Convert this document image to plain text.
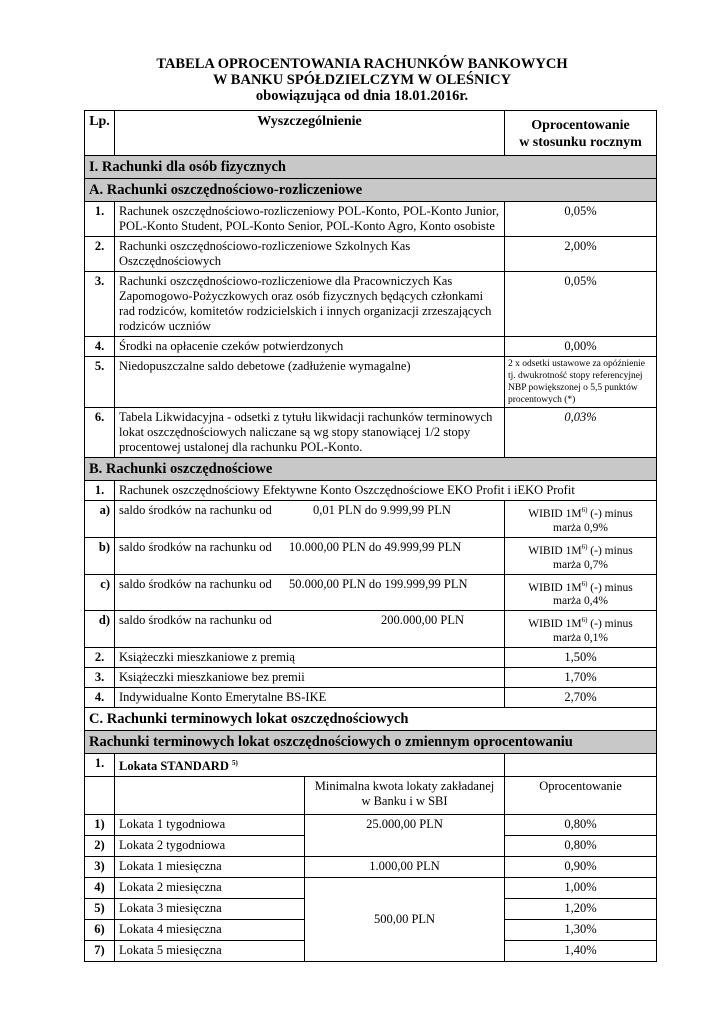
TABELA OPROCENTOWANIA RACHUNKÓW BANKOWYCH
W BANKU SPÓŁDZIELCZYM W OLEŚNICY
obowiązująca od dnia 18.01.2016r.
Lp.	Wyszczególnienie		Oprocentowanie
w stosunku rocznym

I. Rachunki dla osób fizycznych			
A. Rachunki oszczędnościowo-rozliczeniowe			
1.	Rachunek oszczędnościowo-rozliczeniowy POL-Konto, POL-Konto Junior, POL-Konto Student, POL-Konto Senior, POL-Konto Agro, Konto osobiste		0,05%
2.	Rachunki oszczędnościowo-rozliczeniowe Szkolnych Kas Oszczędnościowych		2,00%
3.	Rachunki oszczędnościowo-rozliczeniowe dla Pracowniczych Kas Zapomogowo-Pożyczkowych oraz osób fizycznych będących członkami rad rodziców, komitetów rodzicielskich i innych organizacji zrzeszających rodziców uczniów		0,05%
4.	Środki na opłacenie czeków potwierdzonych		0,00%
5.	Niedopuszczalne saldo debetowe (zadłużenie wymagalne)		2 x odsetki ustawowe za opóźnienie tj. dwukrotność stopy referencyjnej NBP powiększonej o 5,5 punktów procentowych (*)
6.	Tabela Likwidacyjna - odsetki z tytułu likwidacji rachunków terminowych lokat oszczędnościowych naliczane są wg stopy stanowiącej 1/2 stopy procentowej ustalonej dla rachunku POL-Konto.		0,03%
B. Rachunki oszczędnościowe			
1.	Rachunek oszczędnościowy Efektywne Konto Oszczędnościowe EKO Profit i iEKO Profit		
a)	saldo środków na rachunku od 0,01 PLN do 9.999,99 PLN		WIBID $1M^{6)}$ (-) minus
marża 0,9%
b)	saldo środków na rachunku od 10.000,00 PLN do 49.999,99 PLN		WIBID $1M^{6)}$ (-) minus
marża 0,7%
c)	saldo środków na rachunku od 50.000,00 PLN do 199.999,99 PLN		WIBID $1M^{6)}$ (-) minus
marża 0,4%
d)	saldo środków na rachunku od 200.000,00 PLN		WIBID $1M^{6)}$ (-) minus
marża 0,1%
2.	Książeczki mieszkaniowe z premią		1,50%
3.	Książeczki mieszkaniowe bez premii		1,70%
4.	Indywidualne Konto Emerytalne BS-IKE		2,70%
C. Rachunki terminowych lokat oszczędnościowych			
Rachunki terminowych lokat oszczędnościowych o zmiennym oprocentowaniu			
1.	Lokata STANDARD $^{5)}$	

		Minimalna kwota lokaty zakładanej
w Banku i w SBI	Oprocentowanie
1)	Lokata 1 tygodniowa	25.000,00 PLN	0,80%
2)	Lokata 2 tygodniowa		0,80%
3)	Lokata 1 miesięczna	1.000,00 PLN	0,90%
4)	Lokata 2 miesięczna	500,00 PLN	1,00%
5)	Lokata 3 miesięczna		1,20%
6)	Lokata 4 miesięczna		1,30%
7)	Lokata 5 miesięczna		1,40%
